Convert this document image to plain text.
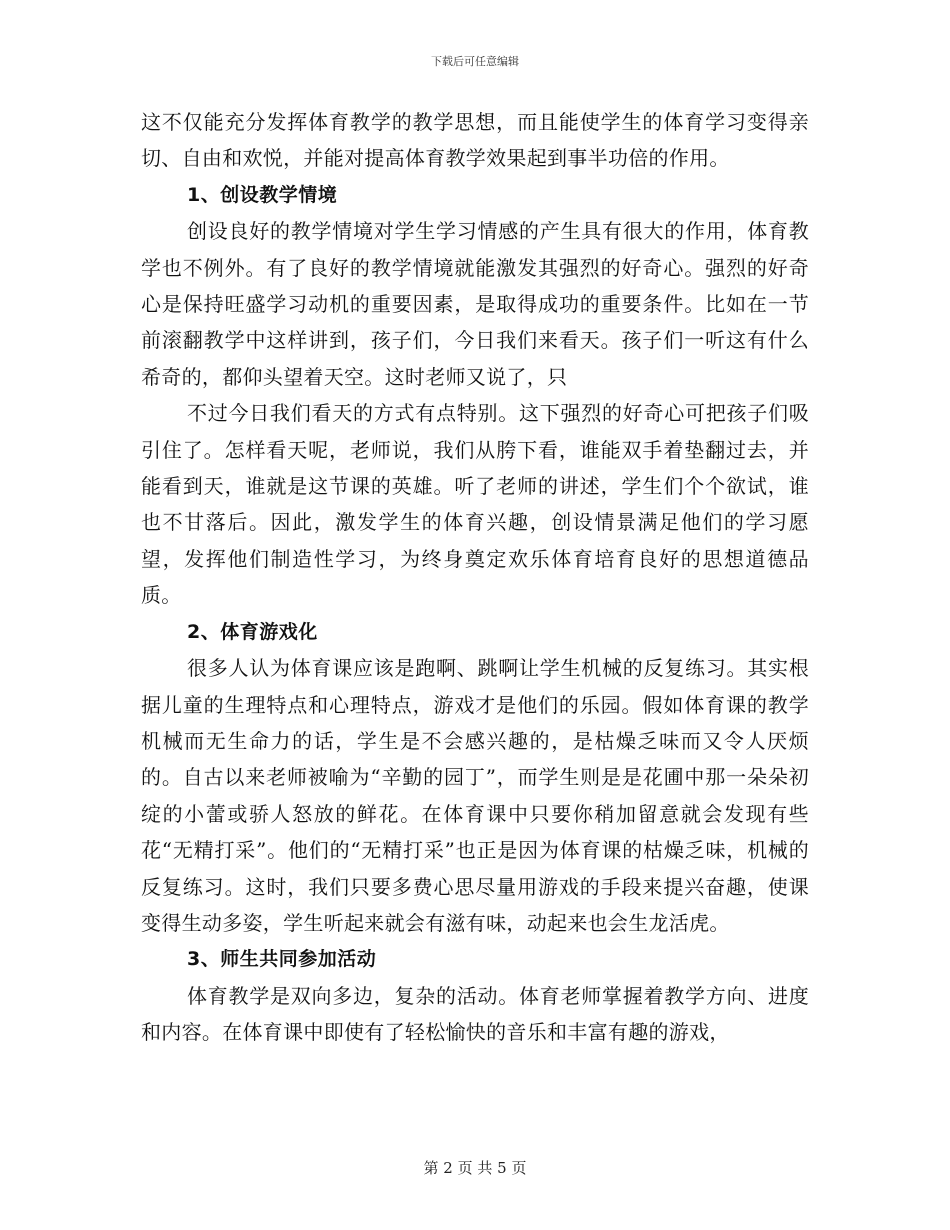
下载后可任意编辑

这不仅能充分发挥体育教学的教学思想，而且能使学生的体育学习变得亲切、自由和欢悦，并能对提高体育教学效果起到事半功倍的作用。

1、创设教学情境

创设良好的教学情境对学生学习情感的产生具有很大的作用，体育教学也不例外。有了良好的教学情境就能激发其强烈的好奇心。强烈的好奇心是保持旺盛学习动机的重要因素，是取得成功的重要条件。比如在一节前滚翻教学中这样讲到，孩子们，今日我们来看天。孩子们一听这有什么希奇的，都仰头望着天空。这时老师又说了，只

不过今日我们看天的方式有点特别。这下强烈的好奇心可把孩子们吸引住了。怎样看天呢，老师说，我们从胯下看，谁能双手着垫翻过去，并能看到天，谁就是这节课的英雄。听了老师的讲述，学生们个个欲试，谁也不甘落后。因此，激发学生的体育兴趣，创设情景满足他们的学习愿望，发挥他们制造性学习，为终身奠定欢乐体育培育良好的思想道德品质。

2、体育游戏化

很多人认为体育课应该是跑啊、跳啊让学生机械的反复练习。其实根据儿童的生理特点和心理特点，游戏才是他们的乐园。假如体育课的教学机械而无生命力的话，学生是不会感兴趣的，是枯燥乏味而又令人厌烦的。自古以来老师被喻为“辛勤的园丁”，而学生则是是花圃中那一朵朵初绽的小蕾或骄人怒放的鲜花。在体育课中只要你稍加留意就会发现有些花“无精打采”。他们的“无精打采”也正是因为体育课的枯燥乏味，机械的反复练习。这时，我们只要多费心思尽量用游戏的手段来提兴奋趣，使课变得生动多姿，学生听起来就会有滋有味，动起来也会生龙活虎。

3、师生共同参加活动

体育教学是双向多边，复杂的活动。体育老师掌握着教学方向、进度和内容。在体育课中即使有了轻松愉快的音乐和丰富有趣的游戏，

第 2 页 共 5 页
